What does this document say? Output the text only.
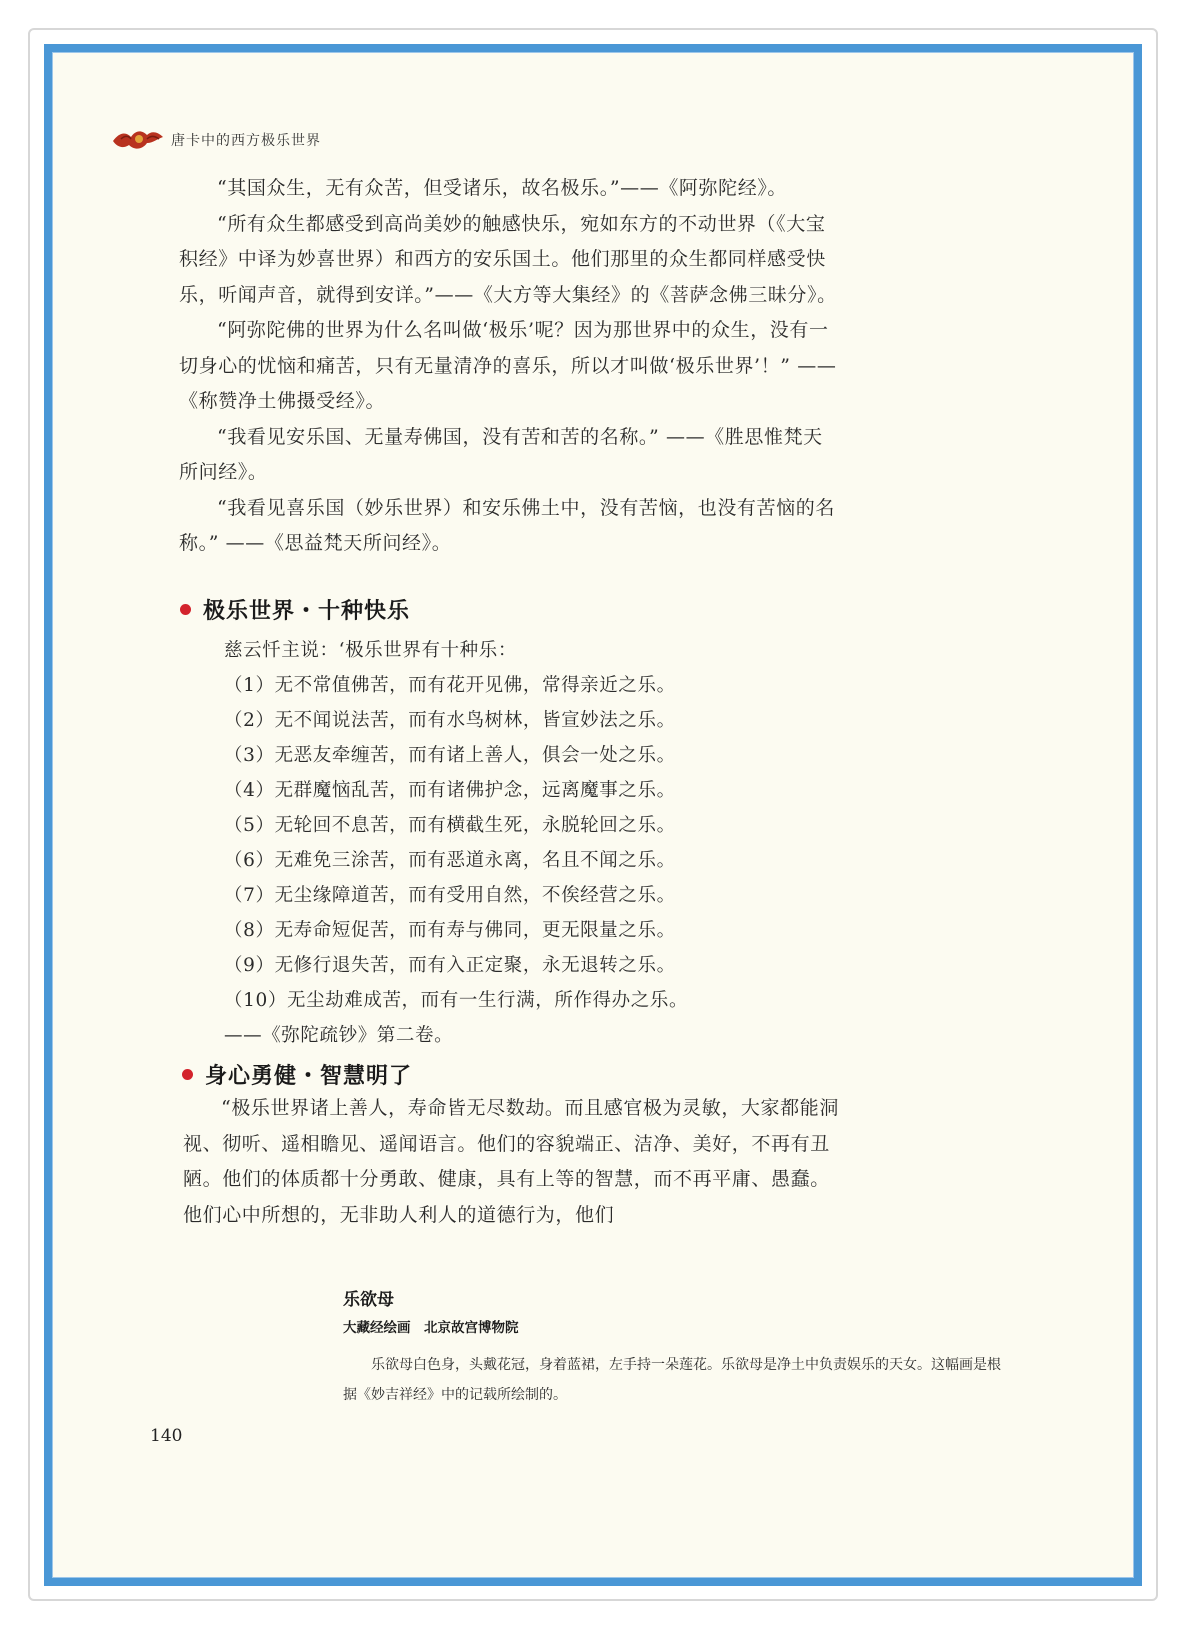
唐卡中的西方极乐世界

“其国众生，无有众苦，但受诸乐，故名极乐。”——《阿弥陀经》。

“所有众生都感受到高尚美妙的触感快乐，宛如东方的不动世界（《大宝积经》中译为妙喜世界）和西方的安乐国土。他们那里的众生都同样感受快乐，听闻声音，就得到安详。”——《大方等大集经》的《菩萨念佛三昧分》。

“阿弥陀佛的世界为什么名叫做‘极乐’呢？因为那世界中的众生，没有一切身心的忧恼和痛苦，只有无量清净的喜乐，所以才叫做‘极乐世界’！” ——《称赞净土佛摄受经》。

“我看见安乐国、无量寿佛国，没有苦和苦的名称。” ——《胜思惟梵天所问经》。

“我看见喜乐国（妙乐世界）和安乐佛土中，没有苦恼，也没有苦恼的名称。” ——《思益梵天所问经》。

极乐世界・十种快乐
慈云忏主说：‘极乐世界有十种乐：
（1）无不常值佛苦，而有花开见佛，常得亲近之乐。
（2）无不闻说法苦，而有水鸟树林，皆宣妙法之乐。
（3）无恶友牵缠苦，而有诸上善人，俱会一处之乐。
（4）无群魔恼乱苦，而有诸佛护念，远离魔事之乐。
（5）无轮回不息苦，而有横截生死，永脱轮回之乐。
（6）无难免三涂苦，而有恶道永离，名且不闻之乐。
（7）无尘缘障道苦，而有受用自然，不俟经营之乐。
（8）无寿命短促苦，而有寿与佛同，更无限量之乐。
（9）无修行退失苦，而有入正定聚，永无退转之乐。
（10）无尘劫难成苦，而有一生行满，所作得办之乐。
——《弥陀疏钞》第二卷。
身心勇健・智慧明了

“极乐世界诸上善人，寿命皆无尽数劫。而且感官极为灵敏，大家都能洞视、彻听、遥相瞻见、遥闻语言。他们的容貌端正、洁净、美好，不再有丑陋。他们的体质都十分勇敢、健康，具有上等的智慧，而不再平庸、愚蠢。他们心中所想的，无非助人利人的道德行为，他们

乐欲母
大藏经绘画　北京故宫博物院
乐欲母白色身，头戴花冠，身着蓝裙，左手持一朵莲花。乐欲母是净土中负责娱乐的天女。这幅画是根据《妙吉祥经》中的记载所绘制的。
140
